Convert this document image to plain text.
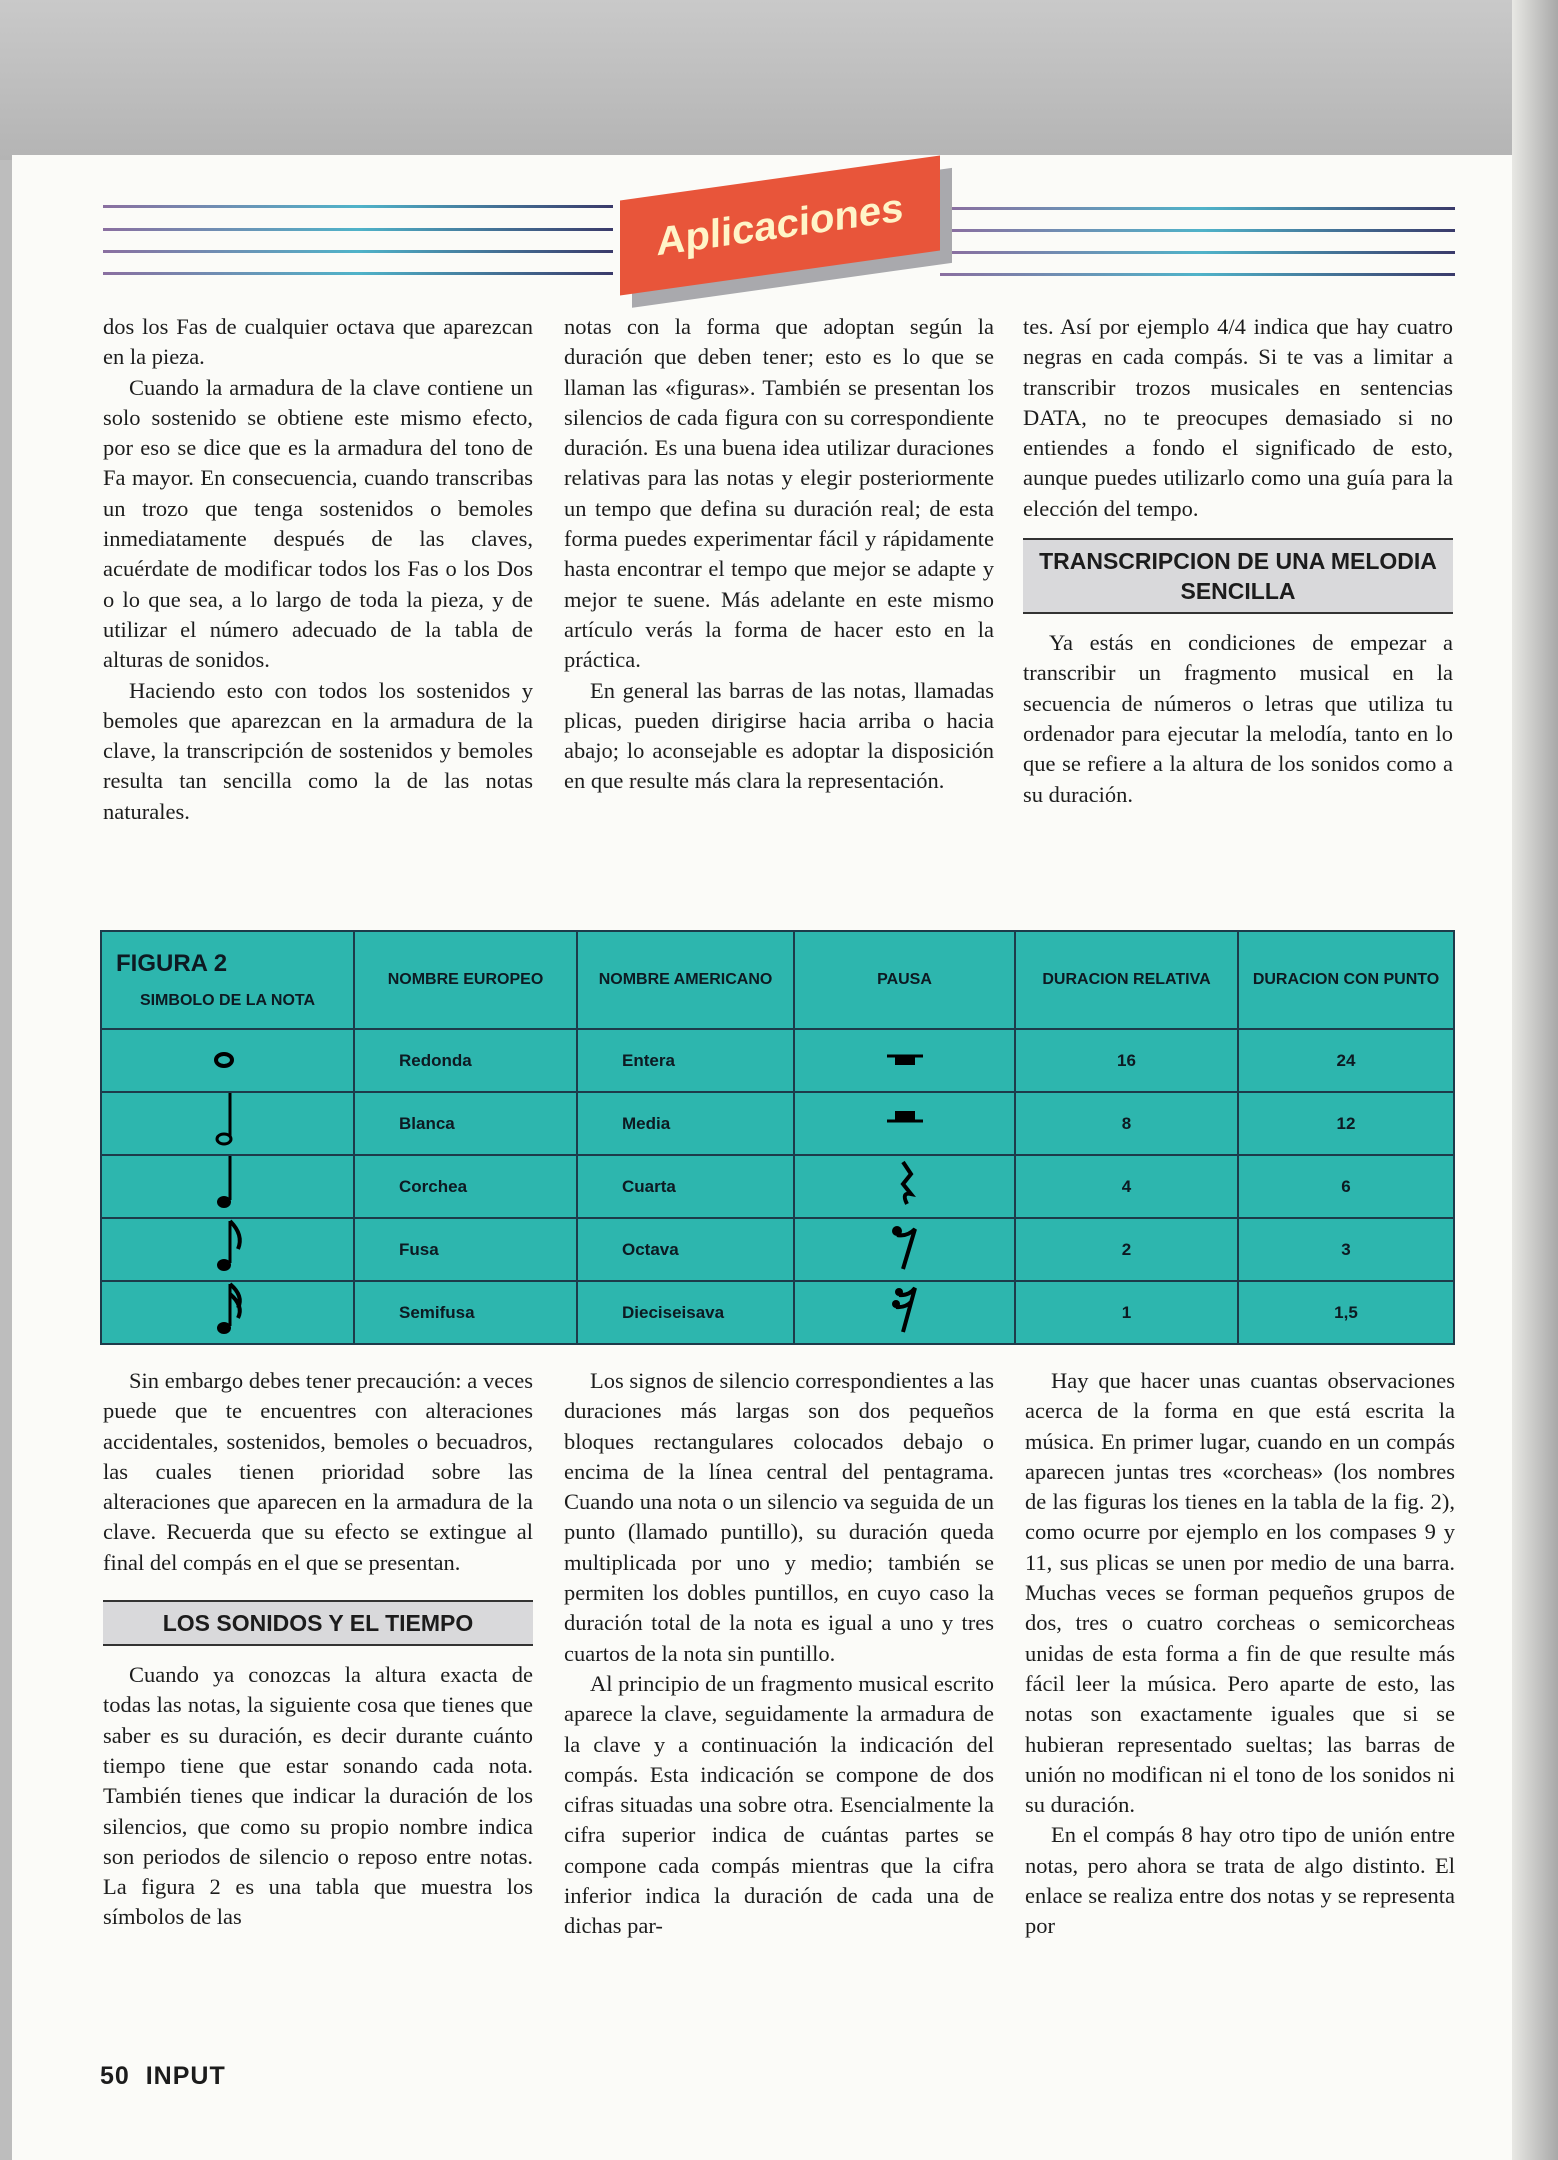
Aplicaciones

dos los Fas de cualquier octava que aparezcan en la pieza.

Cuando la armadura de la clave contiene un solo sostenido se obtiene este mismo efecto, por eso se dice que es la armadura del tono de Fa mayor. En consecuencia, cuando transcribas un trozo que tenga sostenidos o bemoles inmediatamente después de las claves, acuérdate de modificar todos los Fas o los Dos o lo que sea, a lo largo de toda la pieza, y de utilizar el número adecuado de la tabla de alturas de sonidos.

Haciendo esto con todos los sostenidos y bemoles que aparezcan en la armadura de la clave, la transcripción de sostenidos y bemoles resulta tan sencilla como la de las notas naturales.

notas con la forma que adoptan según la duración que deben tener; esto es lo que se llaman las «figuras». También se presentan los silencios de cada figura con su correspondiente duración. Es una buena idea utilizar duraciones relativas para las notas y elegir posteriormente un tempo que defina su duración real; de esta forma puedes experimentar fácil y rápidamente hasta encontrar el tempo que mejor se adapte y mejor te suene. Más adelante en este mismo artículo verás la forma de hacer esto en la práctica.

En general las barras de las notas, llamadas plicas, pueden dirigirse hacia arriba o hacia abajo; lo aconsejable es adoptar la disposición en que resulte más clara la representación.

tes. Así por ejemplo 4/4 indica que hay cuatro negras en cada compás. Si te vas a limitar a transcribir trozos musicales en sentencias DATA, no te preocupes demasiado si no entiendes a fondo el significado de esto, aunque puedes utilizarlo como una guía para la elección del tempo.

TRANSCRIPCION DE UNA MELODIA SENCILLA

Ya estás en condiciones de empezar a transcribir un fragmento musical en la secuencia de números o letras que utiliza tu ordenador para ejecutar la melodía, tanto en lo que se refiere a la altura de los sonidos como a su duración.

FIGURA 2
SIMBOLO DE LA NOTA	NOMBRE EUROPEO	NOMBRE AMERICANO	PAUSA	DURACION RELATIVA	DURACION CON PUNTO
	Redonda	Entera		16	24
	Blanca	Media		8	12
	Corchea	Cuarta		4	6
	Fusa	Octava		2	3
	Semifusa	Dieciseisava		1	1,5

Sin embargo debes tener precaución: a veces puede que te encuentres con alteraciones accidentales, sostenidos, bemoles o becuadros, las cuales tienen prioridad sobre las alteraciones que aparecen en la armadura de la clave. Recuerda que su efecto se extingue al final del compás en el que se presentan.

LOS SONIDOS Y EL TIEMPO

Cuando ya conozcas la altura exacta de todas las notas, la siguiente cosa que tienes que saber es su duración, es decir durante cuánto tiempo tiene que estar sonando cada nota. También tienes que indicar la duración de los silencios, que como su propio nombre indica son periodos de silencio o reposo entre notas. La figura 2 es una tabla que muestra los símbolos de las

Los signos de silencio correspondientes a las duraciones más largas son dos pequeños bloques rectangulares colocados debajo o encima de la línea central del pentagrama. Cuando una nota o un silencio va seguida de un punto (llamado puntillo), su duración queda multiplicada por uno y medio; también se permiten los dobles puntillos, en cuyo caso la duración total de la nota es igual a uno y tres cuartos de la nota sin puntillo.

Al principio de un fragmento musical escrito aparece la clave, seguidamente la armadura de la clave y a continuación la indicación del compás. Esta indicación se compone de dos cifras situadas una sobre otra. Esencialmente la cifra superior indica de cuántas partes se compone cada compás mientras que la cifra inferior indica la duración de cada una de dichas par-

Hay que hacer unas cuantas observaciones acerca de la forma en que está escrita la música. En primer lugar, cuando en un compás aparecen juntas tres «corcheas» (los nombres de las figuras los tienes en la tabla de la fig. 2), como ocurre por ejemplo en los compases 9 y 11, sus plicas se unen por medio de una barra. Muchas veces se forman pequeños grupos de dos, tres o cuatro corcheas o semicorcheas unidas de esta forma a fin de que resulte más fácil leer la música. Pero aparte de esto, las notas son exactamente iguales que si se hubieran representado sueltas; las barras de unión no modifican ni el tono de los sonidos ni su duración.

En el compás 8 hay otro tipo de unión entre notas, pero ahora se trata de algo distinto. El enlace se realiza entre dos notas y se representa por

50 INPUT
